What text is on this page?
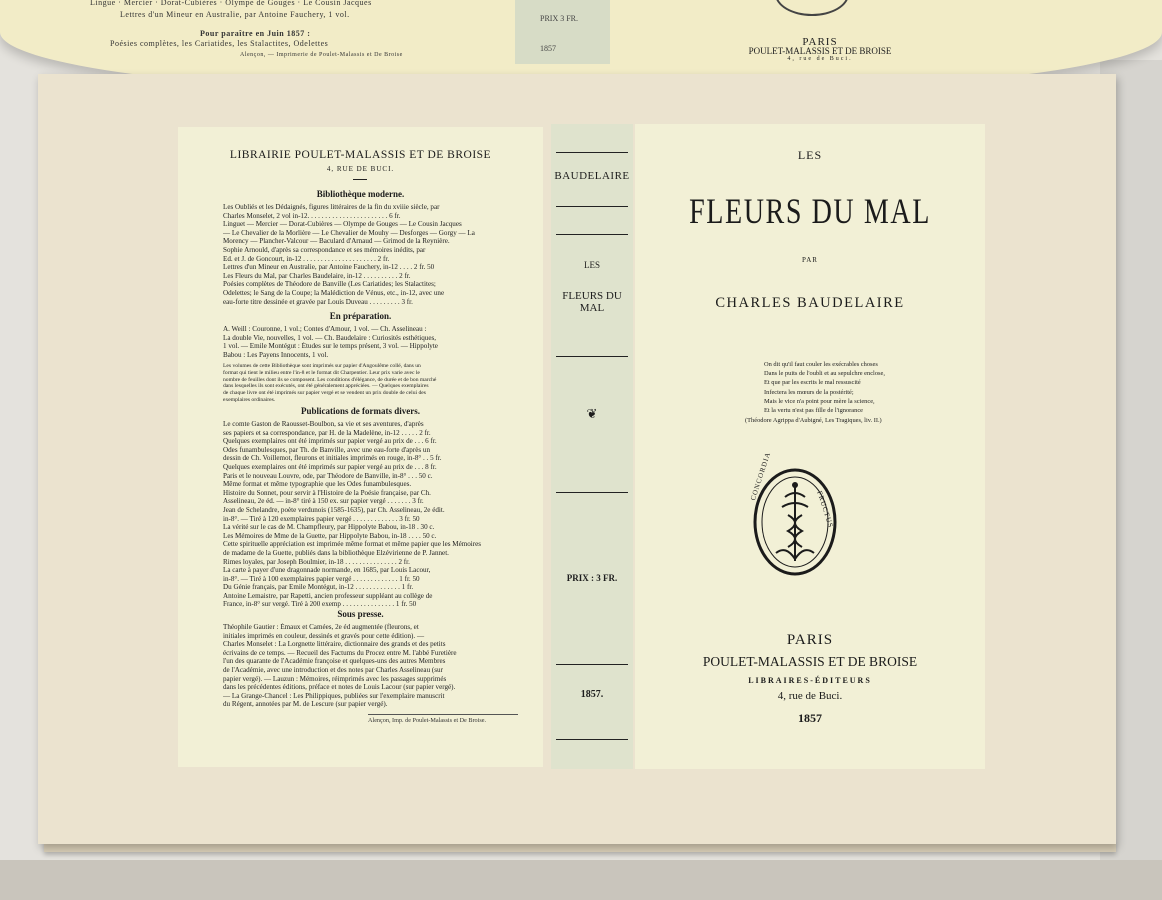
Lingue · Mercier · Dorat-Cubières · Olympe de Gouges · Le Cousin Jacques
Lettres d'un Mineur en Australie, par Antoine Fauchery, 1 vol.
Pour paraître en Juin 1857 :
Poésies complètes, les Cariatides, les Stalactites, Odelettes
Alençon, — Imprimerie de Poulet-Malassis et De Broise
PRIX 3 FR.
1857
PARIS
POULET-MALASSIS ET DE BROISE
4, rue de Buci.
LIBRAIRIE POULET-MALASSIS ET DE BROISE
4, RUE DE BUCI.
Bibliothèque moderne.
Les Oubliés et les Dédaignés, figures littéraires de la fin du xviiie siècle, par
Charles Monselet, 2 vol in-12. . . . . . . . . . . . . . . . . . . . . . . 6 fr.
Linguet — Mercier — Dorat-Cubières — Olympe de Gouges — Le Cousin Jacques
— Le Chevalier de la Morlière — Le Chevalier de Mouhy — Desforges — Gorgy — La
Morency — Plancher-Valcour — Baculard d'Arnaud — Grimod de la Reynière.
Sophie Arnould, d'après sa correspondance et ses mémoires inédits, par
Ed. et J. de Goncourt, in-12 . . . . . . . . . . . . . . . . . . . . . 2 fr.
Lettres d'un Mineur en Australie, par Antoine Fauchery, in-12 . . . . 2 fr. 50
Les Fleurs du Mal, par Charles Baudelaire, in-12 . . . . . . . . . . 2 fr.
Poésies complètes de Théodore de Banville (Les Cariatides; les Stalactites;
Odelettes; le Sang de la Coupe; la Malédiction de Vénus, etc., in-12, avec une
eau-forte titre dessinée et gravée par Louis Duveau . . . . . . . . . 3 fr.
En préparation.
A. Weill : Couronne, 1 vol.; Contes d'Amour, 1 vol. — Ch. Asselineau :
La double Vie, nouvelles, 1 vol. — Ch. Baudelaire : Curiosités esthétiques,
1 vol. — Emile Montégut : Études sur le temps présent, 3 vol. — Hippolyte
Babou : Les Payens Innocents, 1 vol.
Les volumes de cette Bibliothèque sont imprimés sur papier d'Angoulême collé, dans un
format qui tient le milieu entre l'in-8 et le format dit Charpentier. Leur prix varie avec le
nombre de feuilles dont ils se composent. Les conditions d'élégance, de durée et de bon marché
dans lesquelles ils sont exécutés, ont été généralement appréciées. — Quelques exemplaires
de chaque livre ont été imprimés sur papier vergé et se vendent un prix double de celui des
exemplaires ordinaires.
Publications de formats divers.
Le comte Gaston de Raousset-Boulbon, sa vie et ses aventures, d'après
ses papiers et sa correspondance, par H. de la Madelène, in-12 . . . . . 2 fr.
Quelques exemplaires ont été imprimés sur papier vergé au prix de . . . 6 fr.
Odes funambulesques, par Th. de Banville, avec une eau-forte d'après un
dessin de Ch. Voillemot, fleurons et initiales imprimés en rouge, in-8° . . 5 fr.
Quelques exemplaires ont été imprimés sur papier vergé au prix de . . . 8 fr.
Paris et le nouveau Louvre, ode, par Théodore de Banville, in-8° . . . 50 c.
Même format et même typographie que les Odes funambulesques.
Histoire du Sonnet, pour servir à l'Histoire de la Poésie française, par Ch.
Asselineau, 2e éd. — in-8° tiré à 150 ex. sur papier vergé . . . . . . . 3 fr.
Jean de Schelandre, poète verdunois (1585-1635), par Ch. Asselineau, 2e édit.
in-8°. — Tiré à 120 exemplaires papier vergé . . . . . . . . . . . . . 3 fr. 50
La vérité sur le cas de M. Champfleury, par Hippolyte Babou, in-18 . 30 c.
Les Mémoires de Mme de la Guette, par Hippolyte Babou, in-18 . . . . 50 c.
Cette spirituelle appréciation est imprimée même format et même papier que les Mémoires
de madame de la Guette, publiés dans la bibliothèque Elzévirienne de P. Jannet.
Rimes loyales, par Joseph Boulmier, in-18 . . . . . . . . . . . . . . . 2 fr.
La carte à payer d'une dragonnade normande, en 1685, par Louis Lacour,
in-8°. — Tiré à 100 exemplaires papier vergé . . . . . . . . . . . . . 1 fr. 50
Du Génie français, par Emile Montégut, in-12 . . . . . . . . . . . . . 1 fr.
Antoine Lemaistre, par Rapetti, ancien professeur suppléant au collège de
France, in-8° sur vergé. Tiré à 200 exemp . . . . . . . . . . . . . . . 1 fr. 50
Sous presse.
Théophile Gautier : Émaux et Camées, 2e éd augmentée (fleurons, et
initiales imprimés en couleur, dessinés et gravés pour cette édition). —
Charles Monselet : La Lorgnette littéraire, dictionnaire des grands et des petits
écrivains de ce temps. — Recueil des Factums du Procez entre M. l'abbé Furetière
l'un des quarante de l'Académie françoise et quelques-uns des autres Membres
de l'Académie, avec une introduction et des notes par Charles Asselineau (sur
papier vergé). — Lauzun : Mémoires, réimprimés avec les passages supprimés
dans les précédentes éditions, préface et notes de Louis Lacour (sur papier vergé).
— La Grange-Chancel : Les Philippiques, publiées sur l'exemplaire manuscrit
du Régent, annotées par M. de Lescure (sur papier vergé).
Alençon, Imp. de Poulet-Malassis et De Broise.
BAUDELAIRE
LES
FLEURS DU MAL
❦
PRIX : 3 FR.
1857.
LES
FLEURS DU MAL
PAR
CHARLES BAUDELAIRE
On dit qu'il faut couler les exécrables choses
Dans le puits de l'oubli et au sepulchre enclose,
Et que par les escrits le mal ressuscité
Infectera les mœurs de la postérité;
Mais le vice n'a point pour mère la science,
Et la vertu n'est pas fille de l'ignorance
(Théodore Agrippa d'Aubigné, Les Tragiques, liv. II.)
CONCORDIA
FRUCTUS
PARIS
POULET-MALASSIS ET DE BROISE
LIBRAIRES-ÉDITEURS
4, rue de Buci.
1857
